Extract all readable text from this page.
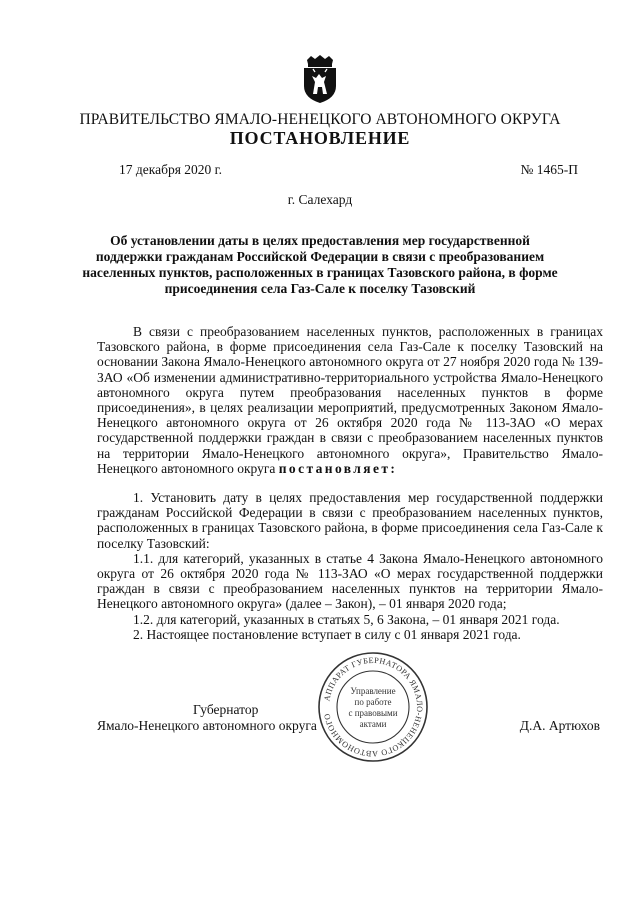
ПРАВИТЕЛЬСТВО ЯМАЛО-НЕНЕЦКОГО АВТОНОМНОГО ОКРУГА
ПОСТАНОВЛЕНИЕ
17 декабря 2020 г.	№ 1465-П
г. Салехард
Об установлении даты в целях предоставления мер государственной поддержки гражданам Российской Федерации в связи с преобразованием населенных пунктов, расположенных в границах Тазовского района, в форме присоединения села Газ-Сале к поселку Тазовский

В связи с преобразованием населенных пунктов, расположенных в границах Тазовского района, в форме присоединения села Газ-Сале к поселку Тазовский на основании Закона Ямало-Ненецкого автономного округа от 27 ноября 2020 года № 139-ЗАО «Об изменении административно-территориального устройства Ямало-Ненецкого автономного округа путем преобразования населенных пунктов в форме присоединения», в целях реализации мероприятий, предусмотренных Законом Ямало-Ненецкого автономного округа от 26 октября 2020 года № 113-ЗАО «О мерах государственной поддержки граждан в связи с преобразованием населенных пунктов на территории Ямало-Ненецкого автономного округа», Правительство Ямало-Ненецкого автономного округа постановляет:

1. Установить дату в целях предоставления мер государственной поддержки гражданам Российской Федерации в связи с преобразованием населенных пунктов, расположенных в границах Тазовского района, в форме присоединения села Газ-Сале к поселку Тазовский:

1.1. для категорий, указанных в статье 4 Закона Ямало-Ненецкого автономного округа от 26 октября 2020 года № 113-ЗАО «О мерах государственной поддержки граждан в связи с преобразованием населенных пунктов на территории Ямало-Ненецкого автономного округа» (далее – Закон), – 01 января 2020 года;

1.2. для категорий, указанных в статьях 5, 6 Закона, – 01 января 2021 года.

2. Настоящее постановление вступает в силу с 01 января 2021 года.

Губернатор
Ямало-Ненецкого автономного округа	Д.А. Артюхов
АППАРАТ ГУБЕРНАТОРА ЯМАЛО-НЕНЕЦКОГО АВТОНОМНОГО
Управление
по работе
с правовыми
актами
